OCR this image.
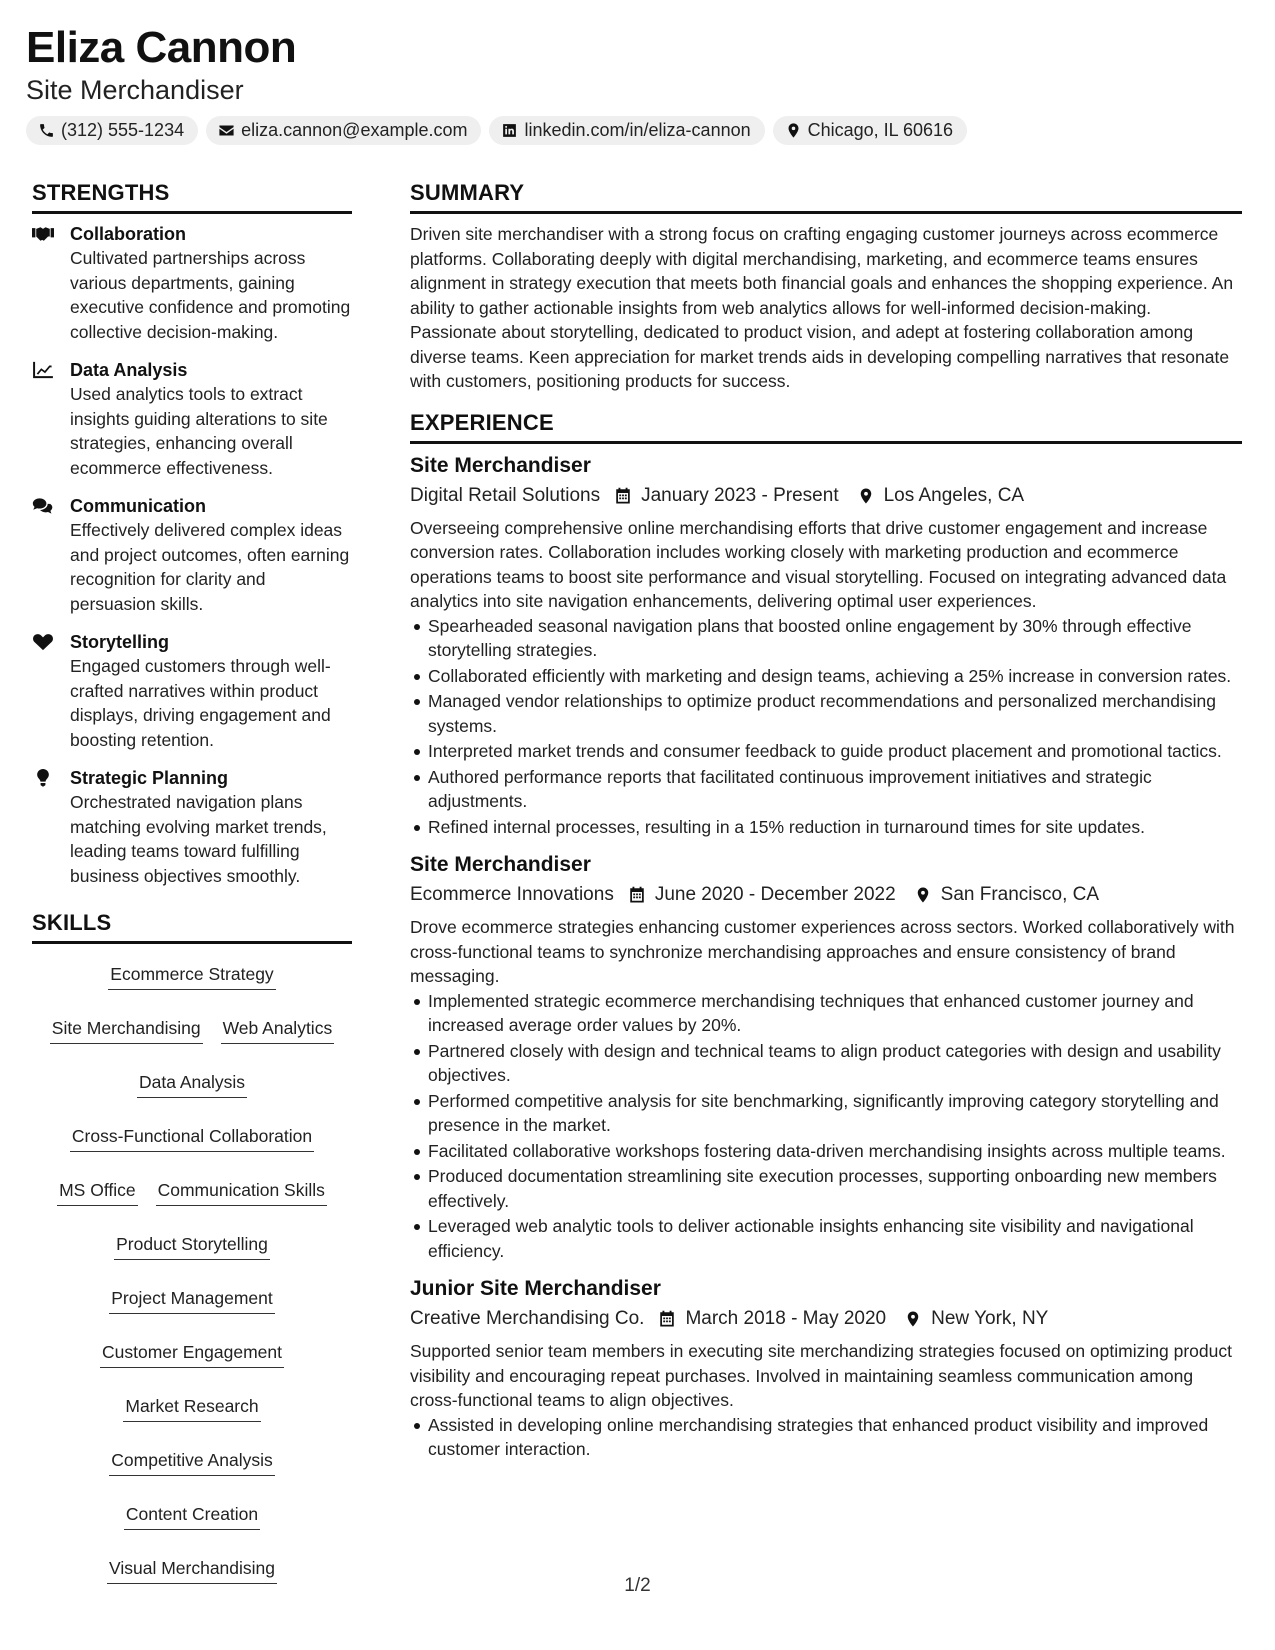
Eliza Cannon
Site Merchandiser
(312) 555-1234	eliza.cannon@example.com	linkedin.com/in/eliza-cannon	Chicago, IL 60616
STRENGTHS
Collaboration
Cultivated partnerships across various departments, gaining executive confidence and promoting collective decision-making.
Data Analysis
Used analytics tools to extract insights guiding alterations to site strategies, enhancing overall ecommerce effectiveness.
Communication
Effectively delivered complex ideas and project outcomes, often earning recognition for clarity and persuasion skills.
Storytelling
Engaged customers through well-crafted narratives within product displays, driving engagement and boosting retention.
Strategic Planning
Orchestrated navigation plans matching evolving market trends, leading teams toward fulfilling business objectives smoothly.
SKILLS
Ecommerce Strategy
Site Merchandising Web Analytics
Data Analysis
Cross-Functional Collaboration
MS Office Communication Skills
Product Storytelling
Project Management
Customer Engagement
Market Research
Competitive Analysis
Content Creation
Visual Merchandising
SUMMARY
Driven site merchandiser with a strong focus on crafting engaging customer journeys across ecommerce platforms. Collaborating deeply with digital merchandising, marketing, and ecommerce teams ensures alignment in strategy execution that meets both financial goals and enhances the shopping experience. An ability to gather actionable insights from web analytics allows for well-informed decision-making. Passionate about storytelling, dedicated to product vision, and adept at fostering collaboration among diverse teams. Keen appreciation for market trends aids in developing compelling narratives that resonate with customers, positioning products for success.
EXPERIENCE
Site Merchandiser
Digital Retail Solutions January 2023 - Present Los Angeles, CA
Overseeing comprehensive online merchandising efforts that drive customer engagement and increase conversion rates. Collaboration includes working closely with marketing production and ecommerce operations teams to boost site performance and visual storytelling. Focused on integrating advanced data analytics into site navigation enhancements, delivering optimal user experiences.
Spearheaded seasonal navigation plans that boosted online engagement by 30% through effective storytelling strategies.
Collaborated efficiently with marketing and design teams, achieving a 25% increase in conversion rates.
Managed vendor relationships to optimize product recommendations and personalized merchandising systems.
Interpreted market trends and consumer feedback to guide product placement and promotional tactics.
Authored performance reports that facilitated continuous improvement initiatives and strategic adjustments.
Refined internal processes, resulting in a 15% reduction in turnaround times for site updates.
Site Merchandiser
Ecommerce Innovations June 2020 - December 2022 San Francisco, CA
Drove ecommerce strategies enhancing customer experiences across sectors. Worked collaboratively with cross-functional teams to synchronize merchandising approaches and ensure consistency of brand messaging.
Implemented strategic ecommerce merchandising techniques that enhanced customer journey and increased average order values by 20%.
Partnered closely with design and technical teams to align product categories with design and usability objectives.
Performed competitive analysis for site benchmarking, significantly improving category storytelling and presence in the market.
Facilitated collaborative workshops fostering data-driven merchandising insights across multiple teams.
Produced documentation streamlining site execution processes, supporting onboarding new members effectively.
Leveraged web analytic tools to deliver actionable insights enhancing site visibility and navigational efficiency.
Junior Site Merchandiser
Creative Merchandising Co. March 2018 - May 2020 New York, NY
Supported senior team members in executing site merchandizing strategies focused on optimizing product visibility and encouraging repeat purchases. Involved in maintaining seamless communication among cross-functional teams to align objectives.
Assisted in developing online merchandising strategies that enhanced product visibility and improved customer interaction.
1/2
